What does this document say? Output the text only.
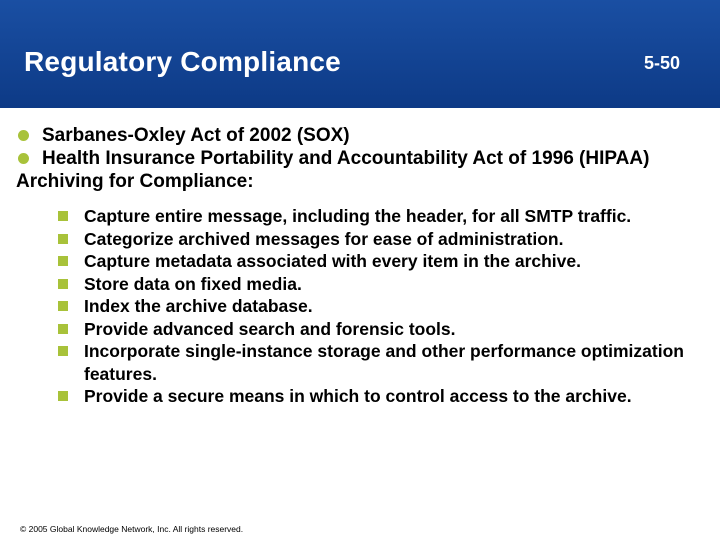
Regulatory Compliance	5-50

Sarbanes-Oxley Act of 2002 (SOX)

Health Insurance Portability and Accountability Act of 1996 (HIPAA)

Archiving for Compliance:

Capture entire message, including the header, for all SMTP traffic.
Categorize archived messages for ease of administration.
Capture metadata associated with every item in the archive.
Store data on fixed media.
Index the archive database.
Provide advanced search and forensic tools.
Incorporate single-instance storage and other performance optimization features.
Provide a secure means in which to control access to the archive.
© 2005 Global Knowledge Network, Inc. All rights reserved.
